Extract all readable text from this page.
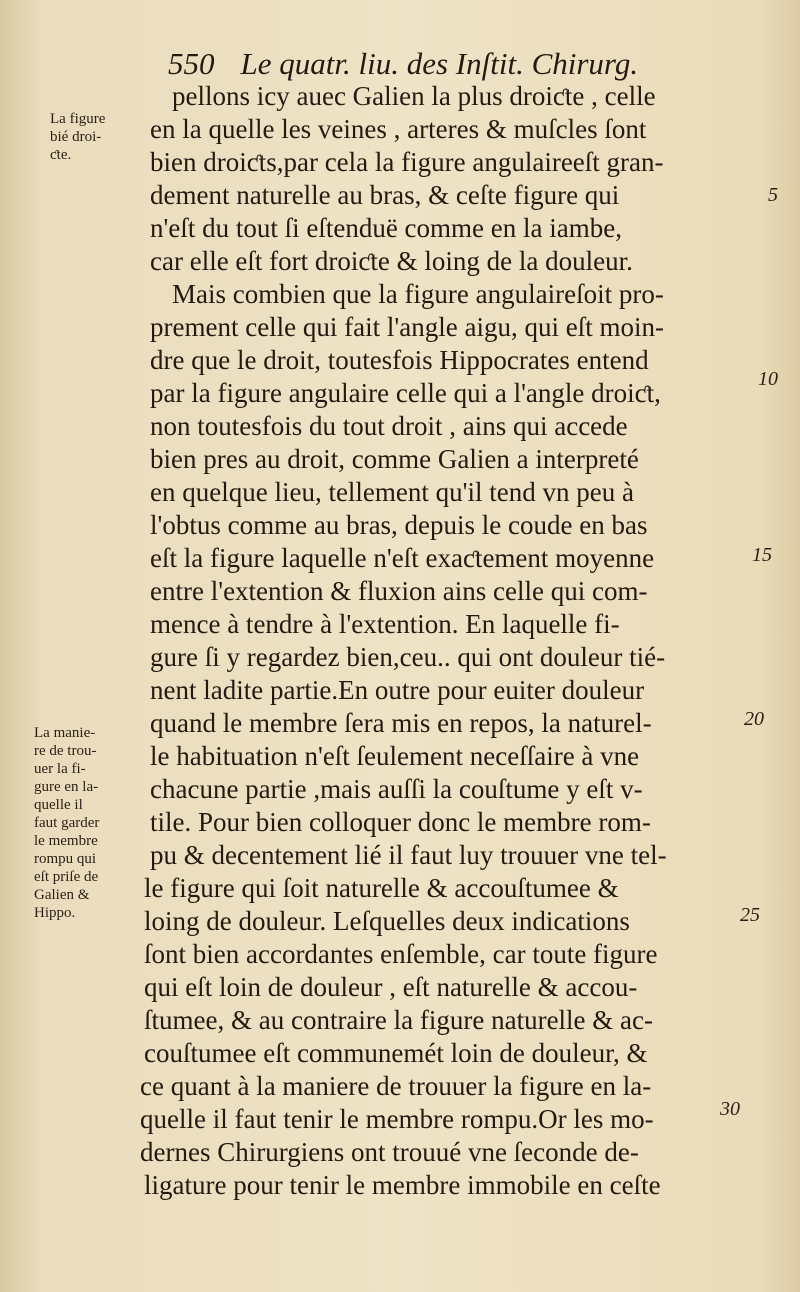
550 Le quatr. liu. des Inſtit. Chirurg.
La figure
bié droi-
ƈte.
La manie-
re de trou-
uer la fi-
gure en la-
quelle il
faut garder
le membre
rompu qui
eſt priſe de
Galien &
Hippo.
pellons icy auec Galien la plus droiƈte , celle
en la quelle les veines , arteres & muſcles ſont
bien droiƈts,par cela la figure angulaireeſt gran-
dement naturelle au bras, & ceſte figure qui
n'eſt du tout ſi eſtenduë comme en la iambe,
car elle eſt fort droiƈte & loing de la douleur.
Mais combien que la figure angulaireſoit pro-
prement celle qui fait l'angle aigu, qui eſt moin-
dre que le droit, toutesfois Hippocrates entend
par la figure angulaire celle qui a l'angle droiƈt,
non toutesfois du tout droit , ains qui accede
bien pres au droit, comme Galien a interpreté
en quelque lieu, tellement qu'il tend vn peu à
l'obtus comme au bras, depuis le coude en bas
eſt la figure laquelle n'eſt exaƈtement moyenne
entre l'extention & fluxion ains celle qui com-
mence à tendre à l'extention. En laquelle fi-
gure ſi y regardez bien,ceu.. qui ont douleur tié-
nent ladite partie.En outre pour euiter douleur
quand le membre ſera mis en repos, la naturel-
le habituation n'eſt ſeulement neceſſaire à vne
chacune partie ,mais auſſi la couſtume y eſt v-
tile. Pour bien colloquer donc le membre rom-
pu & decentement lié il faut luy trouuer vne tel-
le figure qui ſoit naturelle & accouſtumee &
loing de douleur. Leſquelles deux indications
ſont bien accordantes enſemble, car toute figure
qui eſt loin de douleur , eſt naturelle & accou-
ſtumee, & au contraire la figure naturelle & ac-
couſtumee eſt communemét loin de douleur, &
ce quant à la maniere de trouuer la figure en la-
quelle il faut tenir le membre rompu.Or les mo-
dernes Chirurgiens ont trouué vne ſeconde de-
ligature pour tenir le membre immobile en ceſte
5
10
15
20
25
30
